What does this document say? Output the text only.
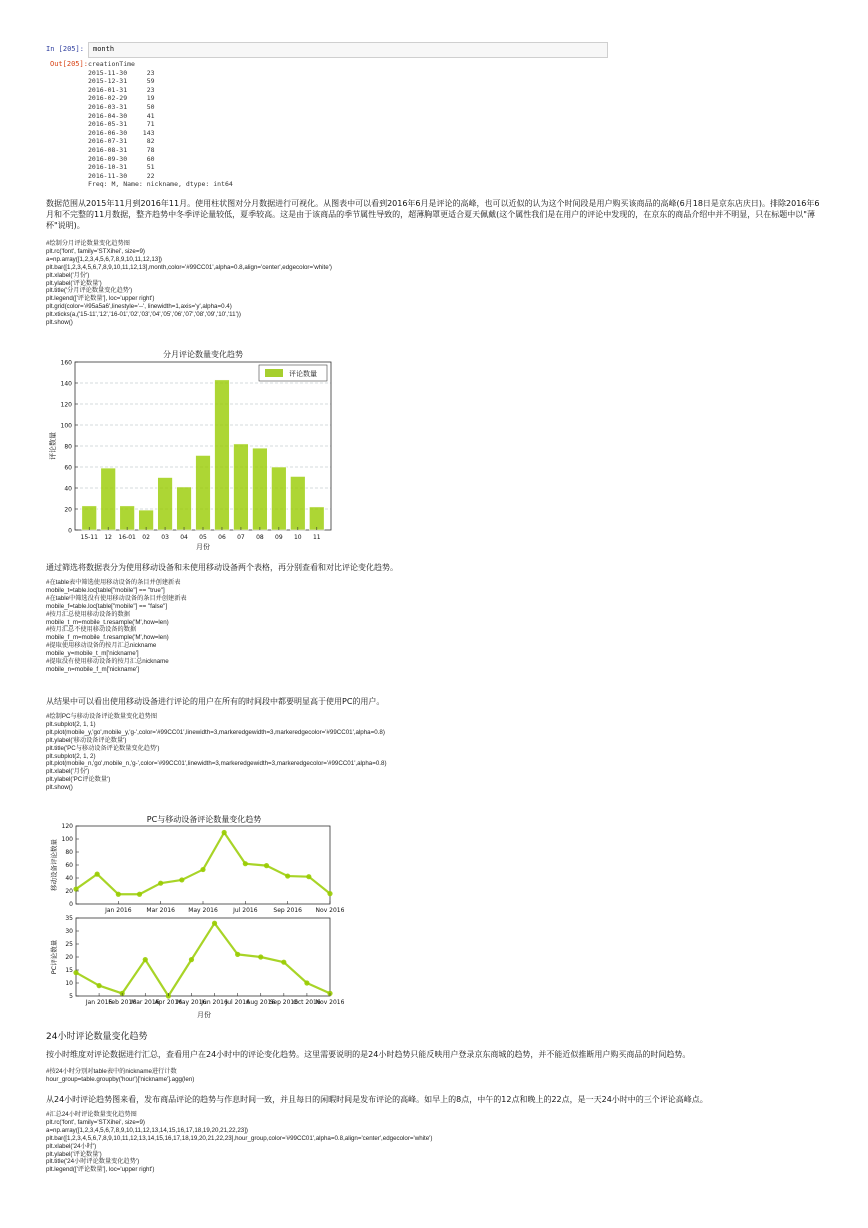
In [205]: month
Out[205]: creationTime
2015-11-30     23
2015-12-31     59
2016-01-31     23
2016-02-29     19
2016-03-31     50
2016-04-30     41
2016-05-31     71
2016-06-30    143
2016-07-31     82
2016-08-31     78
2016-09-30     60
2016-10-31     51
2016-11-30     22
Freq: M, Name: nickname, dtype: int64

数据范围从2015年11月到2016年11月。使用柱状图对分月数据进行可视化。从图表中可以看到2016年6月是评论的高峰，也可以近似的认为这个时间段是用户购买该商品的高峰(6月18日是京东店庆日)。排除2016年6月和不完整的11月数据，整齐趋势中冬季评论量较低，夏季较高。这是由于该商品的季节属性导致的，超薄胸罩更适合夏天佩戴(这个属性我们是在用户的评论中发现的，在京东的商品介绍中并不明显，只在标题中以"薄杯"说明)。

#绘制分月评论数量变化趋势图
plt.rc('font', family='STXihei', size=9)
a=np.array([1,2,3,4,5,6,7,8,9,10,11,12,13])
plt.bar([1,2,3,4,5,6,7,8,9,10,11,12,13],month,color='#99CC01',alpha=0.8,align='center',edgecolor='white')
plt.xlabel('月份')
plt.ylabel('评论数量')
plt.title('分月评论数量变化趋势')
plt.legend(['评论数量'], loc='upper right')
plt.grid(color='#95a5a6',linestyle='--', linewidth=1,axis='y',alpha=0.4)
plt.xticks(a,('15-11','12','16-01','02','03','04','05','06','07','08','09','10','11'))
plt.show()
分月评论数量变化趋势
0
20
40
60
80
100
120
140
160
15-11 12 16-01 02 03 04 05 06 07 08 09 10 11
评论数量
月份
评论数量

通过筛选将数据表分为使用移动设备和未使用移动设备两个表格，再分别查看和对比评论变化趋势。

#在table表中筛选使用移动设备的条目并创建新表
mobile_t=table.loc[table["mobile"] == "true"]
#在table中筛选没有使用移动设备的条目并创建新表
mobile_f=table.loc[table["mobile"] == "false"]
#按月汇总使用移动设备的数据
mobile_t_m=mobile_t.resample('M',how=len)
#按月汇总不使用移动设备的数据
mobile_f_m=mobile_f.resample('M',how=len)
#提取使用移动设备的按月汇总nickname
mobile_y=mobile_t_m['nickname']
#提取没有使用移动设备的按月汇总nickname
mobile_n=mobile_f_m['nickname']

从结果中可以看出使用移动设备进行评论的用户在所有的时间段中都要明显高于使用PC的用户。

#绘制PC与移动设备评论数量变化趋势图
plt.subplot(2, 1, 1)
plt.plot(mobile_y,'go',mobile_y,'g-',color='#99CC01',linewidth=3,markeredgewidth=3,markeredgecolor='#99CC01',alpha=0.8)
plt.ylabel('移动设备评论数量')
plt.title('PC与移动设备评论数量变化趋势')
plt.subplot(2, 1, 2)
plt.plot(mobile_n,'go',mobile_n,'g-',color='#99CC01',linewidth=3,markeredgewidth=3,markeredgecolor='#99CC01',alpha=0.8)
plt.xlabel('月份')
plt.ylabel('PC评论数量')
plt.show()
PC与移动设备评论数量变化趋势
0
20
40
60
80
100
120
Jan 2016 Mar 2016 May 2016	Jul 2016	Sep 2016 Nov 2016
5
10
15
20
25
30
35
Jan 2016
Feb 2016
Mar 2016
Apr 2016
May 2016
Jun 2016
Jul 2016
Aug 2016
Sep 2016
Oct 2016
Nov 2016
移动设备评论数量
PC评论数量
月份

24小时评论数量变化趋势

按小时维度对评论数据进行汇总，查看用户在24小时中的评论变化趋势。这里需要说明的是24小时趋势只能反映用户登录京东商城的趋势，并不能近似推断用户购买商品的时间趋势。

#按24小时分别对table表中的nickname进行计数
hour_group=table.groupby('hour')['nickname'].agg(len)

从24小时评论趋势图来看，发布商品评论的趋势与作息时间一致，并且每日的闲暇时间是发布评论的高峰。如早上的8点，中午的12点和晚上的22点，是一天24小时中的三个评论高峰点。

#汇总24小时评论数量变化趋势图
plt.rc('font', family='STXihei', size=9)
a=np.array([1,2,3,4,5,6,7,8,9,10,11,12,13,14,15,16,17,18,19,20,21,22,23])
plt.bar([1,2,3,4,5,6,7,8,9,10,11,12,13,14,15,16,17,18,19,20,21,22,23],hour_group,color='#99CC01',alpha=0.8,align='center',edgecolor='white')
plt.xlabel('24小时')
plt.ylabel('评论数量')
plt.title('24小时评论数量变化趋势')
plt.legend(['评论数量'], loc='upper right')
